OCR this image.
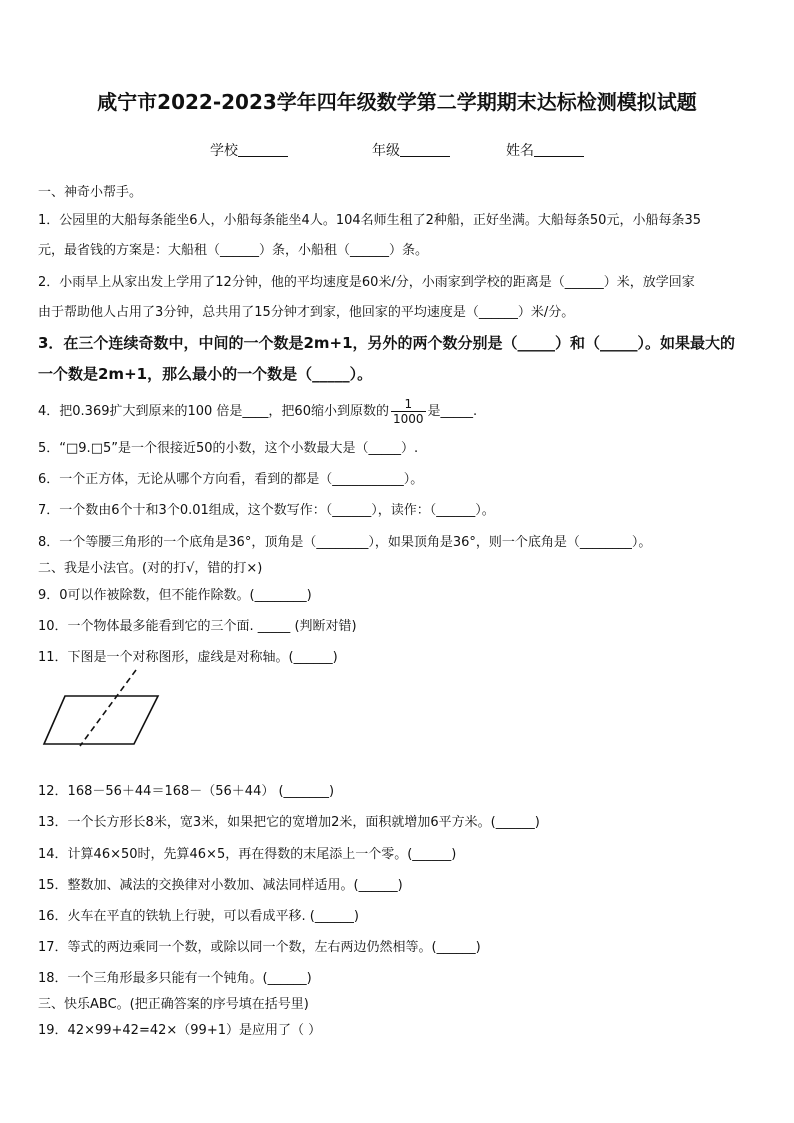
咸宁市2022-2023学年四年级数学第二学期期末达标检测模拟试题
学校	年级	姓名
一、神奇小帮手。
1．公园里的大船每条能坐6人，小船每条能坐4人。104名师生租了2种船，正好坐满。大船每条50元，小船每条35
元，最省钱的方案是：大船租（______）条，小船租（______）条。
2．小雨早上从家出发上学用了12分钟，他的平均速度是60米/分，小雨家到学校的距离是（______）米，放学回家
由于帮助他人占用了3分钟，总共用了15分钟才到家，他回家的平均速度是（______）米/分。
3．在三个连续奇数中，中间的一个数是2m+1，另外的两个数分别是（_____）和（_____）。如果最大的
一个数是2m+1，那么最小的一个数是（_____）。
4．把0.369扩大到原来的100 倍是____，把60缩小到原数的 $\frac{1}{1000}$ 是_____.
5．“□9.□5”是一个很接近50的小数，这个小数最大是（_____）.
6．一个正方体，无论从哪个方向看，看到的都是（___________）。
7．一个数由6个十和3个0.01组成，这个数写作：（______），读作：（______）。
8．一个等腰三角形的一个底角是36°，顶角是（________），如果顶角是36°，则一个底角是（________）。
二、我是小法官。(对的打√，错的打×)
9．0可以作被除数，但不能作除数。(________)
10．一个物体最多能看到它的三个面. _____ (判断对错)
11．下图是一个对称图形，虚线是对称轴。(______)
12．168－56＋44＝168－（56＋44） (_______)
13．一个长方形长8米，宽3米，如果把它的宽增加2米，面积就增加6平方米。(______)
14．计算46×50时，先算46×5，再在得数的末尾添上一个零。(______)
15．整数加、减法的交换律对小数加、减法同样适用。(______)
16．火车在平直的铁轨上行驶，可以看成平移. (______)
17．等式的两边乘同一个数，或除以同一个数，左右两边仍然相等。(______)
18．一个三角形最多只能有一个钝角。(______)
三、快乐ABC。(把正确答案的序号填在括号里)
19．42×99+42=42×（99+1）是应用了（ ）
